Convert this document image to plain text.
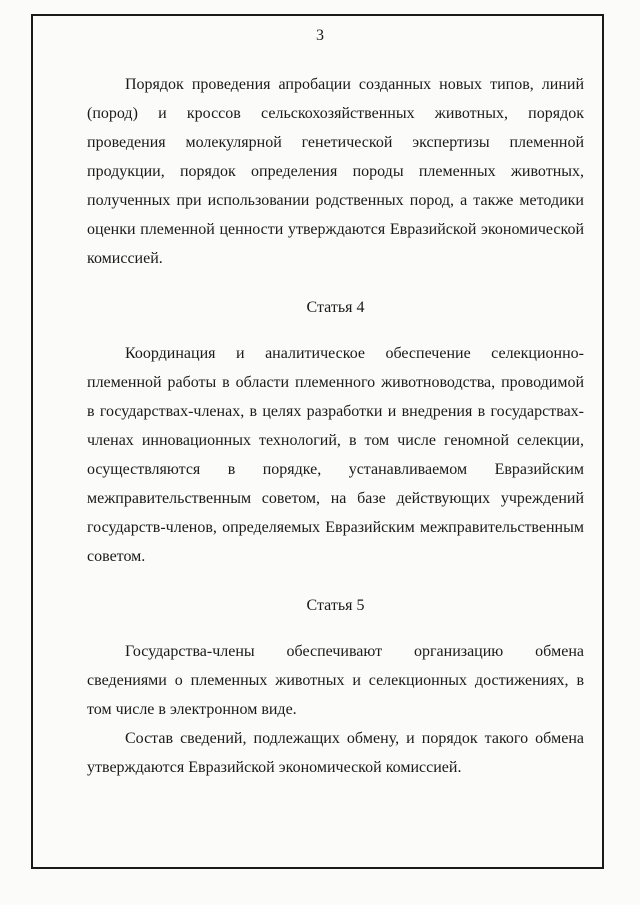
3

Порядок проведения апробации созданных новых типов, линий (пород) и кроссов сельскохозяйственных животных, порядок проведения молекулярной генетической экспертизы племенной продукции, порядок определения породы племенных животных, полученных при использовании родственных пород, а также методики оценки племенной ценности утверждаются Евразийской экономической комиссией.

Статья 4

Координация и аналитическое обеспечение селекционно-племенной работы в области племенного животноводства, проводимой в государствах-членах, в целях разработки и внедрения в государствах-членах инновационных технологий, в том числе геномной селекции, осуществляются в порядке, устанавливаемом Евразийским межправительственным советом, на базе действующих учреждений государств-членов, определяемых Евразийским межправительственным советом.

Статья 5

Государства-члены обеспечивают организацию обмена сведениями о племенных животных и селекционных достижениях, в том числе в электронном виде.

Состав сведений, подлежащих обмену, и порядок такого обмена утверждаются Евразийской экономической комиссией.
